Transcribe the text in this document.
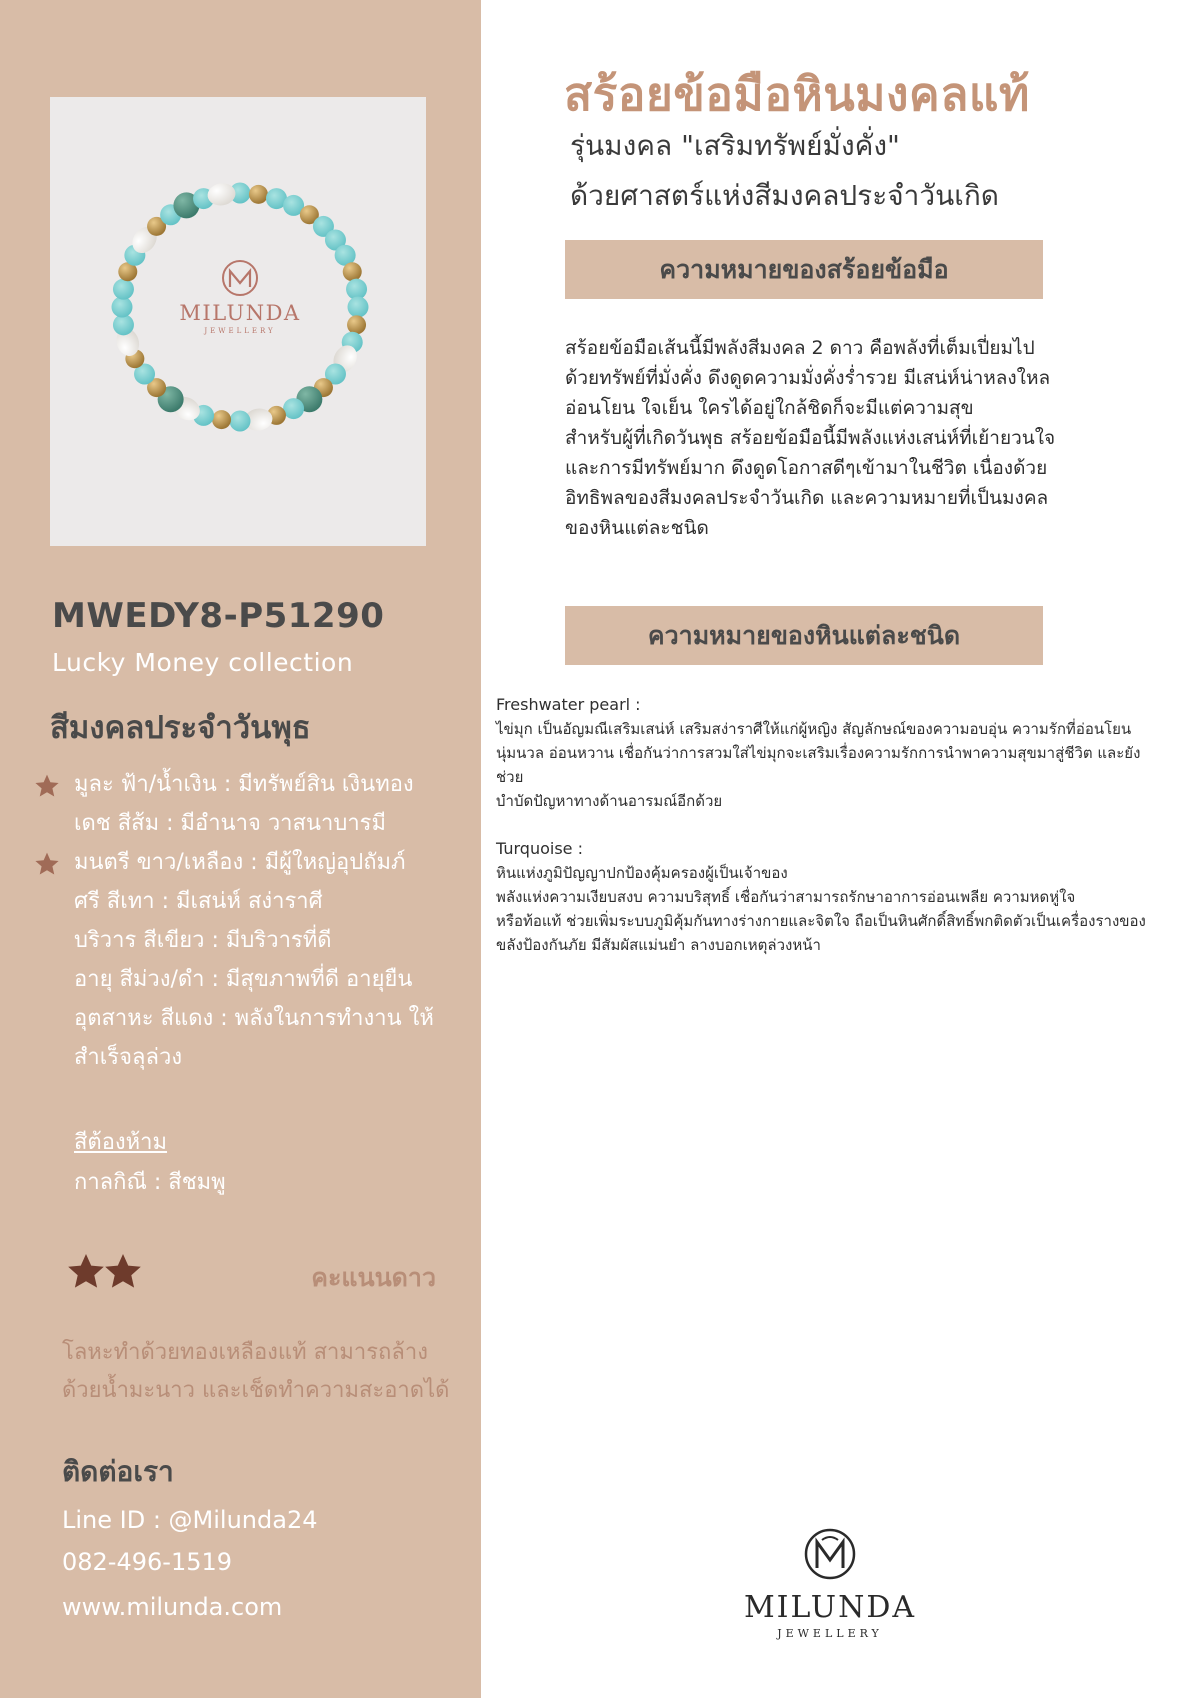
MILUNDA
JEWELLERY
MWEDY8-P51290
Lucky Money collection
สีมงคลประจำวันพุธ
มูละ ฟ้า/น้ำเงิน : มีทรัพย์สิน เงินทอง
เดช สีส้ม : มีอำนาจ วาสนาบารมี
มนตรี ขาว/เหลือง : มีผู้ใหญ่อุปถัมภ์
ศรี สีเทา : มีเสน่ห์ สง่าราศี
บริวาร สีเขียว : มีบริวารที่ดี
อายุ สีม่วง/ดำ : มีสุขภาพที่ดี อายุยืน
อุตสาหะ สีแดง : พลังในการทำงาน ให้
สำเร็จลุล่วง
สีต้องห้าม
กาลกิณี : สีชมพู
คะแนนดาว
โลหะทำด้วยทองเหลืองแท้ สามารถล้าง
ด้วยน้ำมะนาว และเช็ดทำความสะอาดได้
ติดต่อเรา
Line ID : @Milunda24
082-496-1519
www.milunda.com
สร้อยข้อมือหินมงคลแท้
รุ่นมงคล "เสริมทรัพย์มั่งคั่ง"
ด้วยศาสตร์แห่งสีมงคลประจำวันเกิด
ความหมายของสร้อยข้อมือ
สร้อยข้อมือเส้นนี้มีพลังสีมงคล 2 ดาว คือพลังที่เต็มเปี่ยมไป
ด้วยทรัพย์ที่มั่งคั่ง ดึงดูดความมั่งคั่งร่ำรวย มีเสน่ห์น่าหลงใหล
อ่อนโยน ใจเย็น ใครได้อยู่ใกล้ชิดก็จะมีแต่ความสุข
สำหรับผู้ที่เกิดวันพุธ สร้อยข้อมือนี้มีพลังแห่งเสน่ห์ที่เย้ายวนใจ
และการมีทรัพย์มาก ดึงดูดโอกาสดีๆเข้ามาในชีวิต เนื่องด้วย
อิทธิพลของสีมงคลประจำวันเกิด และความหมายที่เป็นมงคล
ของหินแต่ละชนิด
ความหมายของหินแต่ละชนิด
Freshwater pearl :
ไข่มุก เป็นอัญมณีเสริมเสน่ห์ เสริมสง่าราศีให้แก่ผู้หญิง สัญลักษณ์ของความอบอุ่น ความรักที่อ่อนโยน
นุ่มนวล อ่อนหวาน เชื่อกันว่าการสวมใส่ไข่มุกจะเสริมเรื่องความรักการนำพาความสุขมาสู่ชีวิต และยังช่วย
บำบัดปัญหาทางด้านอารมณ์อีกด้วย
Turquoise :
หินแห่งภูมิปัญญาปกป้องคุ้มครองผู้เป็นเจ้าของ
พลังแห่งความเงียบสงบ ความบริสุทธิ์ เชื่อกันว่าสามารถรักษาอาการอ่อนเพลีย ความหดหู่ใจ
หรือท้อแท้ ช่วยเพิ่มระบบภูมิคุ้มกันทางร่างกายและจิตใจ ถือเป็นหินศักดิ์สิทธิ์พกติดตัวเป็นเครื่องรางของ
ขลังป้องกันภัย มีสัมผัสแม่นยำ ลางบอกเหตุล่วงหน้า
MILUNDA
JEWELLERY
